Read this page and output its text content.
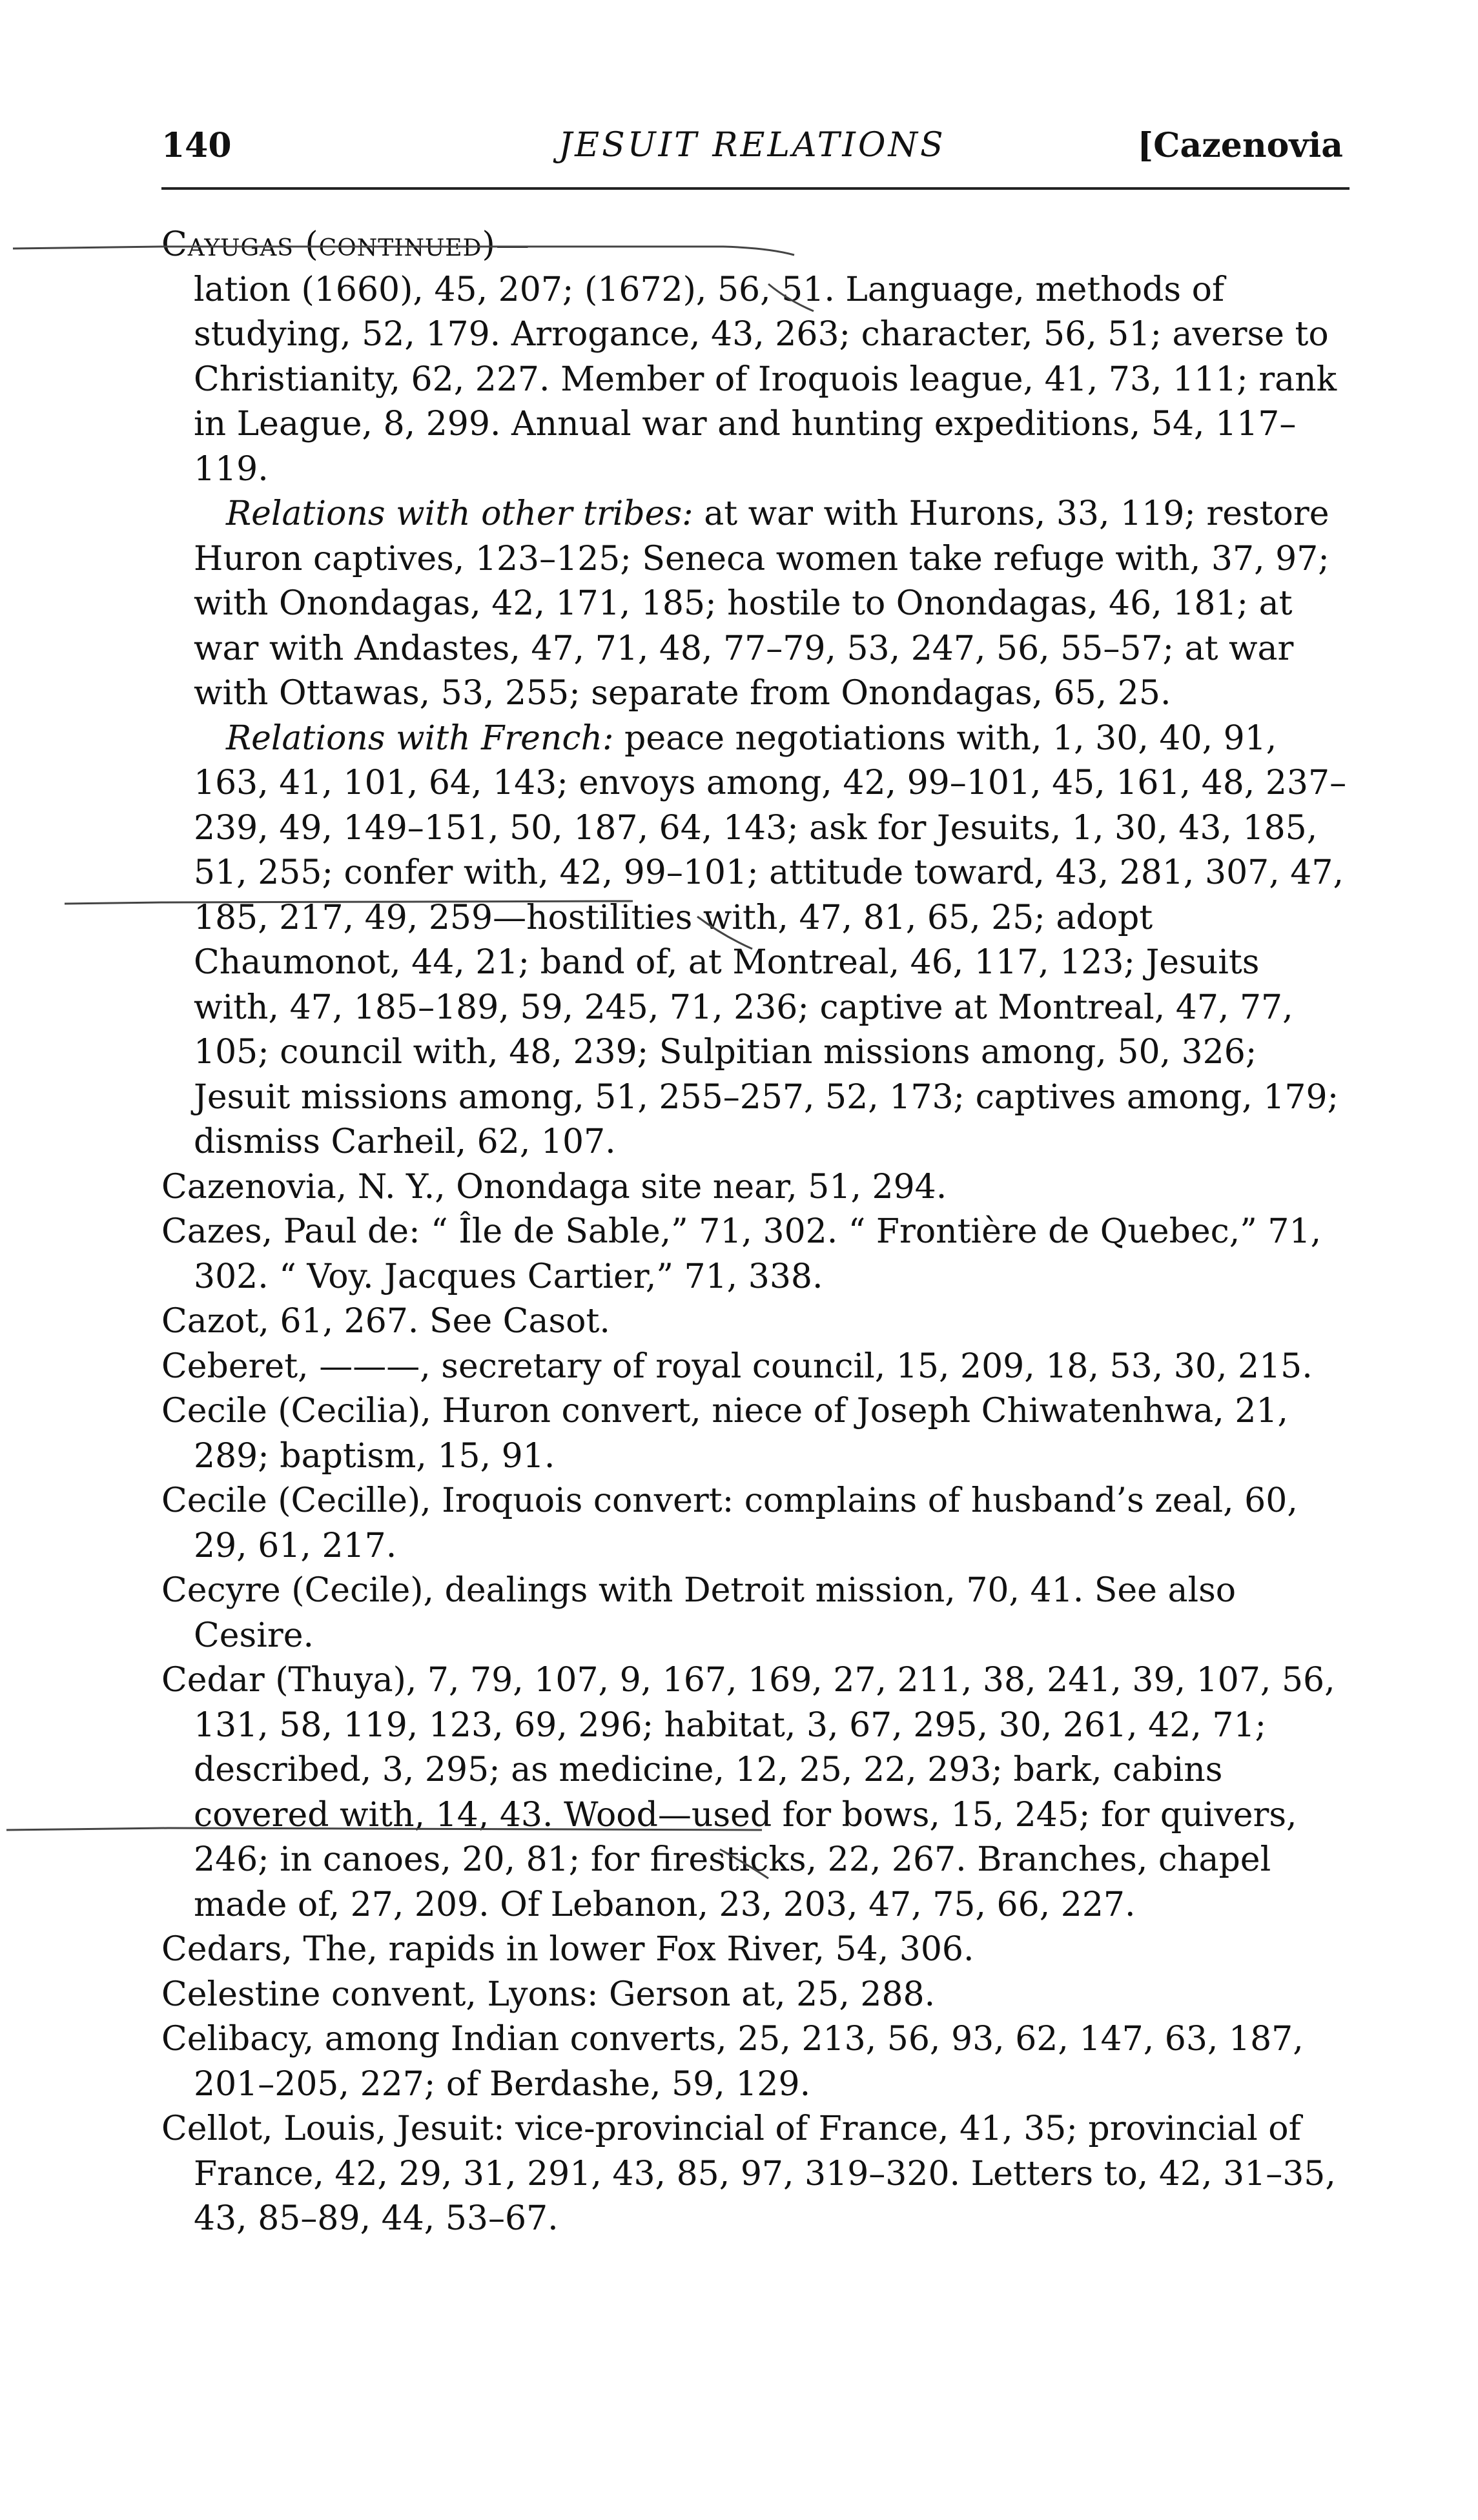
140	JESUIT RELATIONS	[Cazenovia
Cayugas (continued)—
lation (1660), 45, 207; (1672), 56, 51. Language, methods of studying, 52, 179. Arrogance, 43, 263; character, 56, 51; averse to Christianity, 62, 227. Member of Iroquois league, 41, 73, 111; rank in League, 8, 299. Annual war and hunting expeditions, 54, 117–119.
Relations with other tribes: at war with Hurons, 33, 119; restore Huron captives, 123–125; Seneca women take refuge with, 37, 97; with Onondagas, 42, 171, 185; hostile to Onondagas, 46, 181; at war with Andastes, 47, 71, 48, 77–79, 53, 247, 56, 55–57; at war with Ottawas, 53, 255; separate from Onondagas, 65, 25.
Relations with French: peace negotiations with, 1, 30, 40, 91, 163, 41, 101, 64, 143; envoys among, 42, 99–101, 45, 161, 48, 237–239, 49, 149–151, 50, 187, 64, 143; ask for Jesuits, 1, 30, 43, 185, 51, 255; confer with, 42, 99–101; attitude toward, 43, 281, 307, 47, 185, 217, 49, 259—hostilities with, 47, 81, 65, 25; adopt Chaumonot, 44, 21; band of, at Montreal, 46, 117, 123; Jesuits with, 47, 185–189, 59, 245, 71, 236; captive at Montreal, 47, 77, 105; council with, 48, 239; Sulpitian missions among, 50, 326; Jesuit missions among, 51, 255–257, 52, 173; captives among, 179; dismiss Carheil, 62, 107.
Cazenovia, N. Y., Onondaga site near, 51, 294.
Cazes, Paul de: “ Île de Sable,” 71, 302. “ Frontière de Quebec,” 71, 302. “ Voy. Jacques Cartier,” 71, 338.
Cazot, 61, 267. See Casot.
Ceberet, ———, secretary of royal council, 15, 209, 18, 53, 30, 215.
Cecile (Cecilia), Huron convert, niece of Joseph Chiwatenhwa, 21, 289; baptism, 15, 91.
Cecile (Cecille), Iroquois convert: complains of husband’s zeal, 60, 29, 61, 217.
Cecyre (Cecile), dealings with Detroit mission, 70, 41. See also Cesire.
Cedar (Thuya), 7, 79, 107, 9, 167, 169, 27, 211, 38, 241, 39, 107, 56, 131, 58, 119, 123, 69, 296; habitat, 3, 67, 295, 30, 261, 42, 71; described, 3, 295; as medicine, 12, 25, 22, 293; bark, cabins covered with, 14, 43. Wood—used for bows, 15, 245; for quivers, 246; in canoes, 20, 81; for firesticks, 22, 267. Branches, chapel made of, 27, 209. Of Lebanon, 23, 203, 47, 75, 66, 227.
Cedars, The, rapids in lower Fox River, 54, 306.
Celestine convent, Lyons: Gerson at, 25, 288.
Celibacy, among Indian converts, 25, 213, 56, 93, 62, 147, 63, 187, 201–205, 227; of Berdashe, 59, 129.
Cellot, Louis, Jesuit: vice-provincial of France, 41, 35; provincial of France, 42, 29, 31, 291, 43, 85, 97, 319–320. Letters to, 42, 31–35, 43, 85–89, 44, 53–67.
